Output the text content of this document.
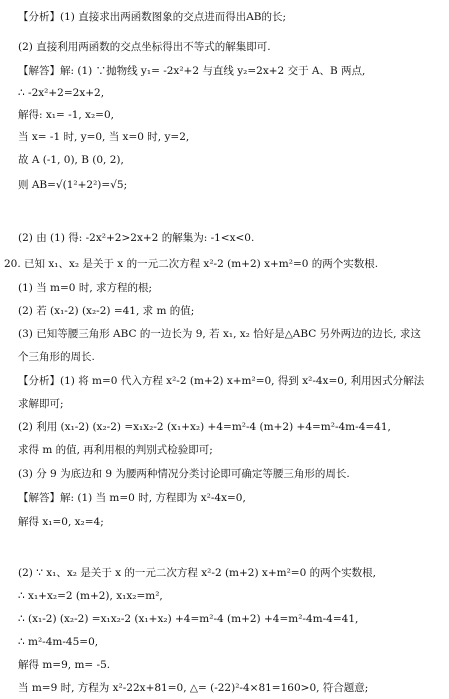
【分析】(1) 直接求出两函数图象的交点进而得出AB的长;
(2) 直接利用两函数的交点坐标得出不等式的解集即可.
【解答】解: (1) ∵抛物线 y₁= -2x²+2 与直线 y₂=2x+2 交于 A、B 两点,
∴ -2x²+2=2x+2,
解得: x₁= -1, x₂=0,
当 x= -1 时, y=0, 当 x=0 时, y=2,
故 A (-1, 0), B (0, 2),
则 AB=√(1²+2²)=√5;
(2) 由 (1) 得: -2x²+2>2x+2 的解集为: -1<x<0.
20. 已知 x₁、x₂ 是关于 x 的一元二次方程 x²-2 (m+2) x+m²=0 的两个实数根.
(1) 当 m=0 时, 求方程的根;
(2) 若 (x₁-2) (x₂-2) =41, 求 m 的值;
(3) 已知等腰三角形 ABC 的一边长为 9, 若 x₁, x₂ 恰好是△ABC 另外两边的边长, 求这
个三角形的周长.
【分析】(1) 将 m=0 代入方程 x²-2 (m+2) x+m²=0, 得到 x²-4x=0, 利用因式分解法
求解即可;
(2) 利用 (x₁-2) (x₂-2) =x₁x₂-2 (x₁+x₂) +4=m²-4 (m+2) +4=m²-4m-4=41,
求得 m 的值, 再利用根的判别式检验即可;
(3) 分 9 为底边和 9 为腰两种情况分类讨论即可确定等腰三角形的周长.
【解答】解: (1) 当 m=0 时, 方程即为 x²-4x=0,
解得 x₁=0, x₂=4;
(2) ∵ x₁、x₂ 是关于 x 的一元二次方程 x²-2 (m+2) x+m²=0 的两个实数根,
∴ x₁+x₂=2 (m+2), x₁x₂=m²,
∴ (x₁-2) (x₂-2) =x₁x₂-2 (x₁+x₂) +4=m²-4 (m+2) +4=m²-4m-4=41,
∴ m²-4m-45=0,
解得 m=9, m= -5.
当 m=9 时, 方程为 x²-22x+81=0, △= (-22)²-4×81=160>0, 符合题意;
